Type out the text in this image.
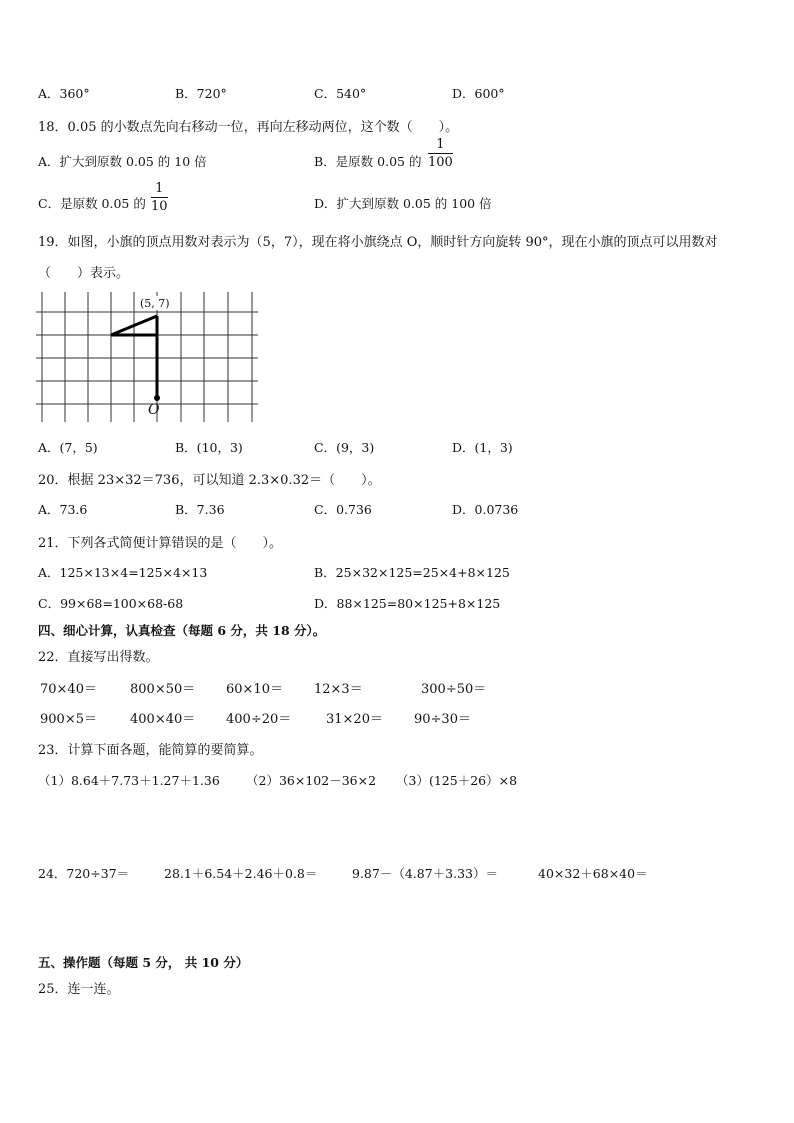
A．360°	B．720°	C．540°	D．600°
18．0.05 的小数点先向右移动一位，再向左移动两位，这个数（　　）。
A．扩大到原数 0.05 的 10 倍	B．是原数 0.05 的
1
100
C．是原数 0.05 的
1
10	D．扩大到原数 0.05 的 100 倍
19．如图，小旗的顶点用数对表示为（5，7），现在将小旗绕点 O，顺时针方向旋转 90°，现在小旗的顶点可以用数对
（　　）表示。
(5, 7)
O
A．(7，5)	B．(10，3)	C．(9，3)	D．(1，3)
20．根据 23×32＝736，可以知道 2.3×0.32＝（　　）。
A．73.6	B．7.36	C．0.736	D．0.0736
21．下列各式简便计算错误的是（　　）。
A．125×13×4=125×4×13	B．25×32×125=25×4+8×125
C．99×68=100×68-68	D．88×125=80×125+8×125
四、细心计算，认真检查（每题 6 分，共 18 分）。
22．直接写出得数。
70×40＝	800×50＝ 60×10＝ 12×3＝	300÷50＝
900×5＝	400×40＝ 400÷20＝	31×20＝ 90÷30＝
23．计算下面各题，能简算的要简算。
（1）8.64＋7.73＋1.27＋1.36 （2）36×102－36×2 （3）(125＋26）×8
24．720÷37＝	28.1＋6.54＋2.46＋0.8＝	9.87－（4.87＋3.33）＝	40×32＋68×40＝
五、操作题（每题 5 分， 共 10 分）
25．连一连。
